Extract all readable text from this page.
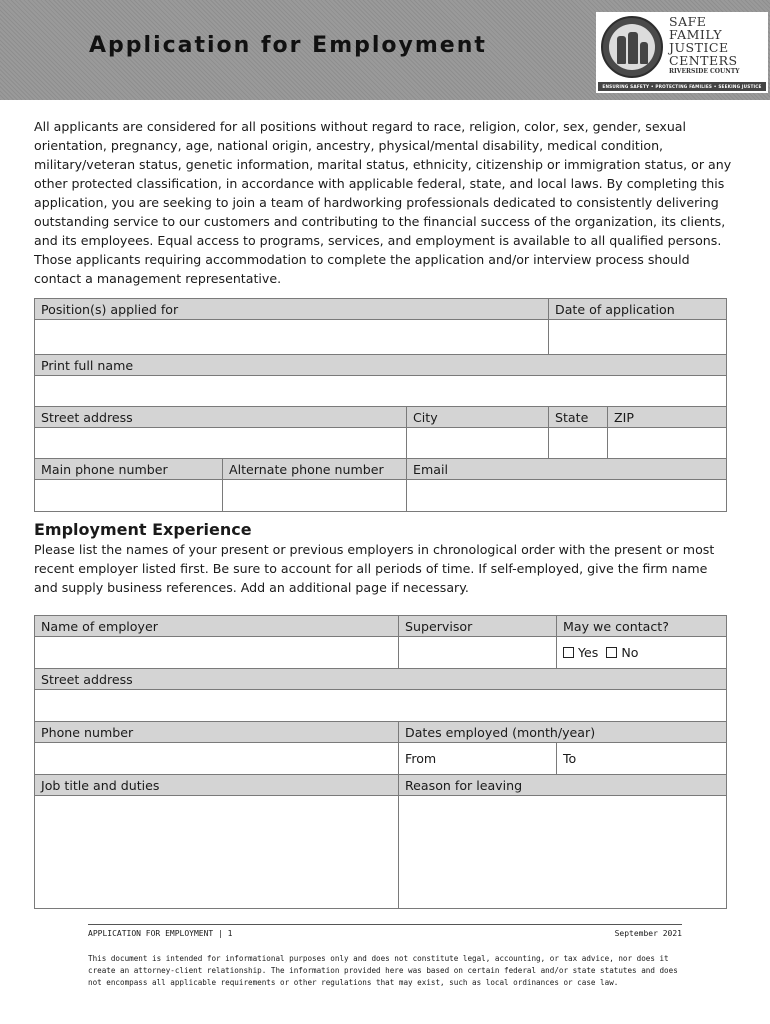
Application for Employment
SAFE
FAMILY
JUSTICE
CENTERS
RIVERSIDE COUNTY
ENSURING SAFETY • PROTECTING FAMILIES • SEEKING JUSTICE

All applicants are considered for all positions without regard to race, religion, color, sex, gender, sexual orientation, pregnancy, age, national origin, ancestry, physical/mental disability, medical condition, military/veteran status, genetic information, marital status, ethnicity, citizenship or immigration status, or any other protected classification, in accordance with applicable federal, state, and local laws. By completing this application, you are seeking to join a team of hardworking professionals dedicated to consistently delivering outstanding service to our customers and contributing to the financial success of the organization, its clients, and its employees. Equal access to programs, services, and employment is available to all qualified persons. Those applicants requiring accommodation to complete the application and/or interview process should contact a management representative.

Position(s) applied for	Date of application

Print full name	

Street address	City	State	ZIP

Main phone number	Alternate phone number	Email

Employment Experience

Please list the names of your present or previous employers in chronological order with the present or most recent employer listed first. Be sure to account for all periods of time. If self-employed, give the firm name and supply business references. Add an additional page if necessary.

Name of employer	Supervisor	May we contact?
		Yes No
Street address		

Phone number	Dates employed (month/year)	
	From	To
Job title and duties	Reason for leaving	

APPLICATION FOR EMPLOYMENT | 1	September 2021

This document is intended for informational purposes only and does not constitute legal, accounting, or tax advice, nor does it create an attorney-client relationship. The information provided here was based on certain federal and/or state statutes and does not encompass all applicable requirements or other regulations that may exist, such as local ordinances or case law.
